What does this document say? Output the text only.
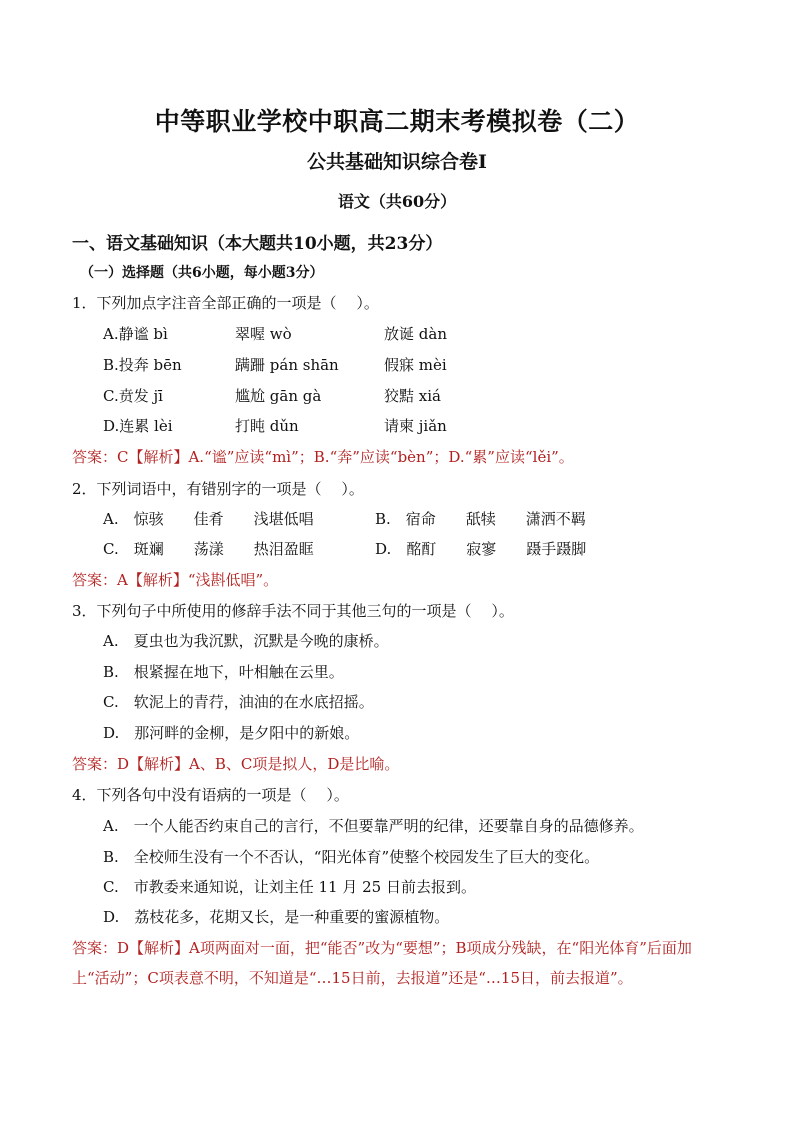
中等职业学校中职高二期末考模拟卷（二）
公共基础知识综合卷Ⅰ
语文（共60分）
一、语文基础知识（本大题共10小题，共23分）
（一）选择题（共6小题，每小题3分）
1．下列加点字注音全部正确的一项是（　 ）。
A.静谧 bì	翠喔 wò	放诞 dàn
B.投奔 bēn	蹒跚 pán shān	假寐 mèi
C.贲发 jī	尴尬 gān gà	狡黠 xiá
D.连累 lèi	打盹 dǔn	请柬 jiǎn
答案：C【解析】A.“谧”应读“mì”；B.“奔”应读“bèn”；D.“累”应读“lěi”。
2．下列词语中，有错别字的一项是（　 ）。
A.　惊骇　　佳肴　　浅堪低唱	B.　宿命　　舐犊　　潇洒不羁
C.　斑斓　　荡漾　　热泪盈眶	D.　酩酊　　寂寥　　蹑手蹑脚
答案：A【解析】“浅斟低唱”。
3．下列句子中所使用的修辞手法不同于其他三句的一项是（　 ）。
A.　夏虫也为我沉默，沉默是今晚的康桥。
B.　根紧握在地下，叶相触在云里。
C.　软泥上的青荇，油油的在水底招摇。
D.　那河畔的金柳，是夕阳中的新娘。
答案：D【解析】A、B、C项是拟人，D是比喻。
4．下列各句中没有语病的一项是（　 ）。
A.　一个人能否约束自己的言行，不但要靠严明的纪律，还要靠自身的品德修养。
B.　全校师生没有一个不否认，“阳光体育”使整个校园发生了巨大的变化。
C.　市教委来通知说，让刘主任 11 月 25 日前去报到。
D.　荔枝花多，花期又长，是一种重要的蜜源植物。
答案：D【解析】A项两面对一面，把“能否”改为“要想”；B项成分残缺，在“阳光体育”后面加上“活动”；C项表意不明，不知道是“…15日前，去报道”还是“…15日，前去报道”。
